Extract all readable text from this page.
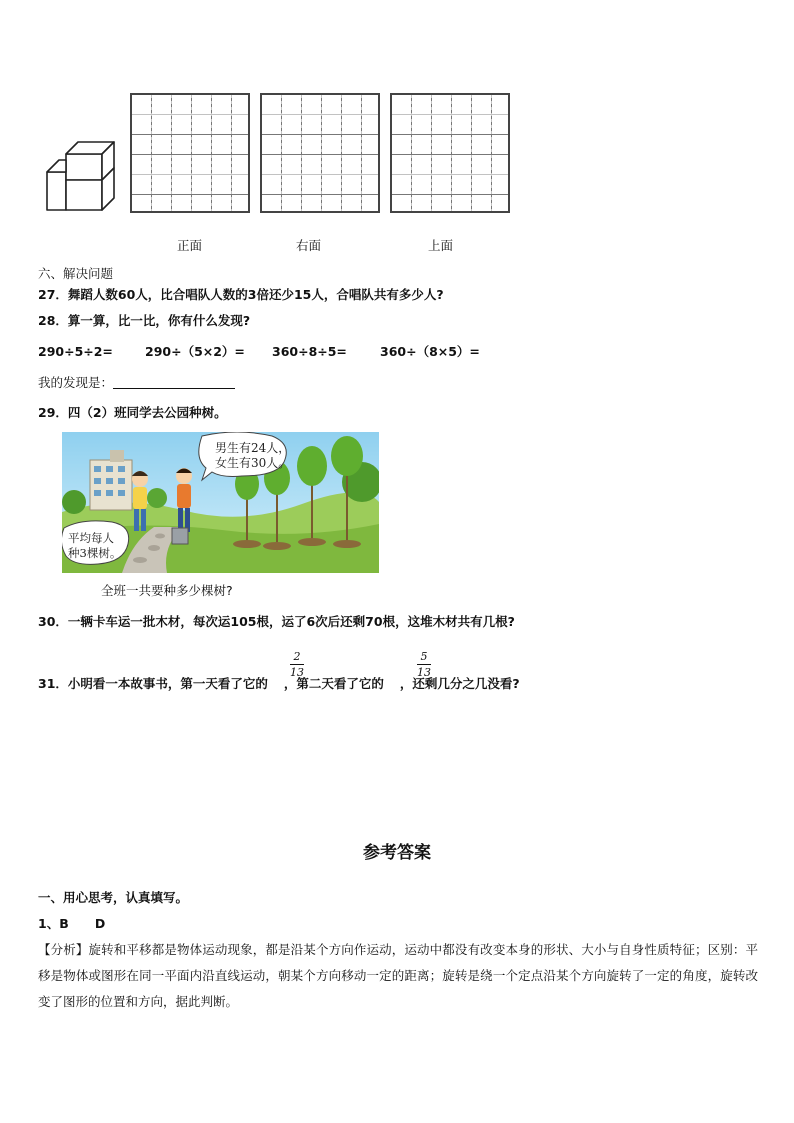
正面	右面	上面
六、解决问题
27．舞蹈人数60人，比合唱队人数的3倍还少15人，合唱队共有多少人?
28．算一算，比一比，你有什么发现?
290÷5÷2=	290÷（5×2）= 360÷8÷5=	360÷（8×5）=
我的发现是：
29．四（2）班同学去公园种树。
男生有24人，
女生有30人。
平均每人
种3棵树。
全班一共要种多少棵树?
30．一辆卡车运一批木材，每次运105根，运了6次后还剩70根，这堆木材共有几根?
31．小明看一本故事书，第一天看了它的 ，第二天看了它的 ，还剩几分之几没看?
2
13
5
13
参考答案
一、用心思考，认真填写。
1、B      D
【分析】旋转和平移都是物体运动现象，都是沿某个方向作运动，运动中都没有改变本身的形状、大小与自身性质特征；区别：平移是物体或图形在同一平面内沿直线运动，朝某个方向移动一定的距离；旋转是绕一个定点沿某个方向旋转了一定的角度，旋转改变了图形的位置和方向，据此判断。
